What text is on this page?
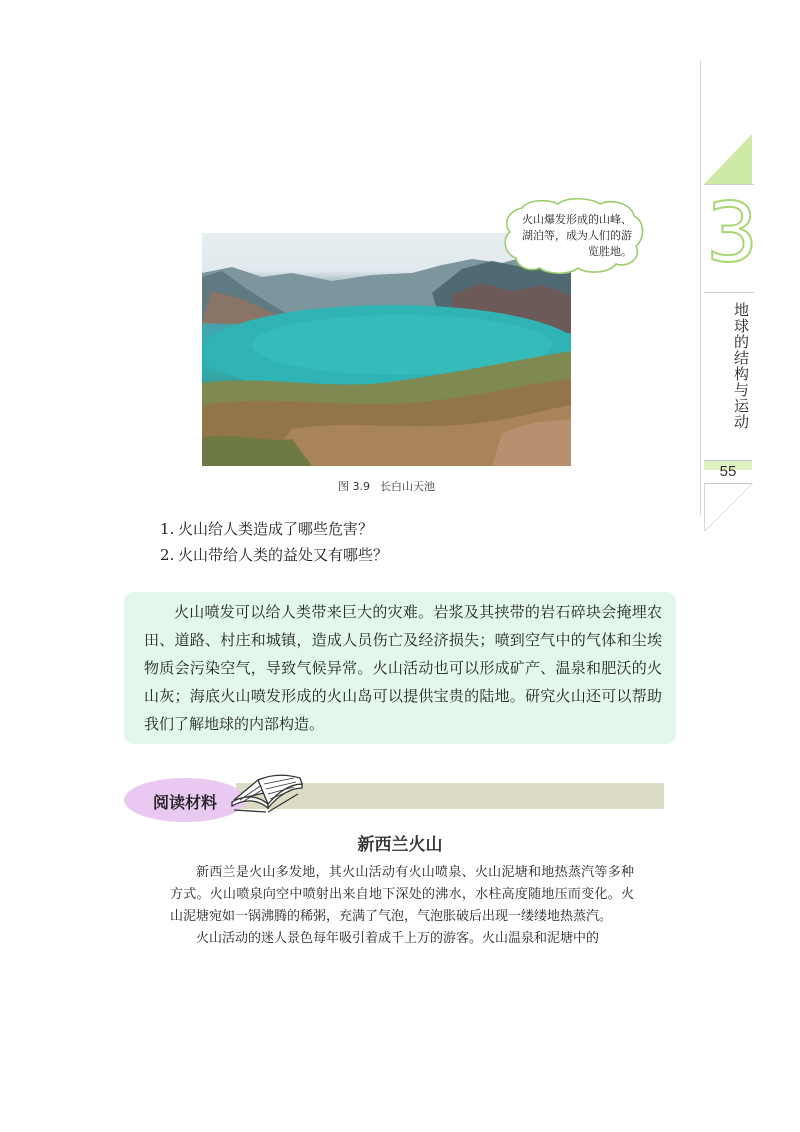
3
地球的结构与运动
55
火山爆发形成的山峰、湖泊等，成为人们的游览胜地。
图 3.9 长白山天池
1. 火山给人类造成了哪些危害？
2. 火山带给人类的益处又有哪些？
火山喷发可以给人类带来巨大的灾难。岩浆及其挟带的岩石碎块会掩埋农田、道路、村庄和城镇，造成人员伤亡及经济损失；喷到空气中的气体和尘埃物质会污染空气，导致气候异常。火山活动也可以形成矿产、温泉和肥沃的火山灰；海底火山喷发形成的火山岛可以提供宝贵的陆地。研究火山还可以帮助我们了解地球的内部构造。
阅读材料
新西兰火山

新西兰是火山多发地，其火山活动有火山喷泉、火山泥塘和地热蒸汽等多种方式。火山喷泉向空中喷射出来自地下深处的沸水，水柱高度随地压而变化。火山泥塘宛如一锅沸腾的稀粥，充满了气泡，气泡胀破后出现一缕缕地热蒸汽。

火山活动的迷人景色每年吸引着成千上万的游客。火山温泉和泥塘中的
